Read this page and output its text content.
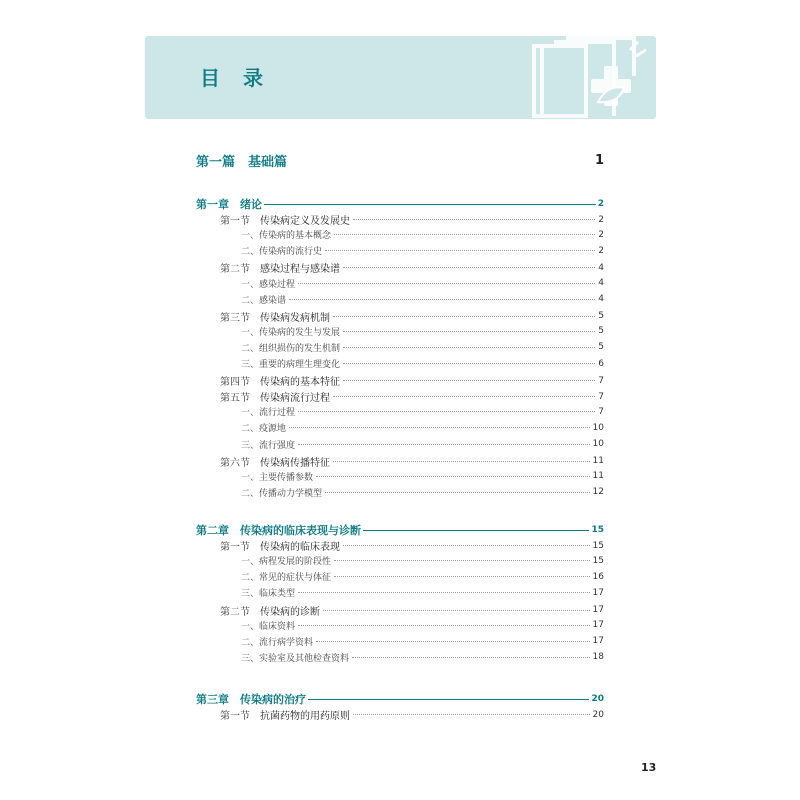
目 录
第一篇　基础篇	1
第一章　绪论	2
第一节	传染病定义及发展史	2
一、传染病的基本概念	2
二、传染病的流行史	2
第二节	感染过程与感染谱	4
一、感染过程	4
二、感染谱	4
第三节	传染病发病机制	5
一、传染病的发生与发展	5
二、组织损伤的发生机制	5
三、重要的病理生理变化	6
第四节	传染病的基本特征	7
第五节	传染病流行过程	7
一、流行过程	7
二、疫源地	10
三、流行强度	10
第六节	传染病传播特征	11
一、主要传播参数	11
二、传播动力学模型	12
第二章　传染病的临床表现与诊断	15
第一节	传染病的临床表现	15
一、病程发展的阶段性	15
二、常见的症状与体征	16
三、临床类型	17
第二节	传染病的诊断	17
一、临床资料	17
二、流行病学资料	17
三、实验室及其他检查资料	18
第三章　传染病的治疗	20
第一节	抗菌药物的用药原则	20
13
